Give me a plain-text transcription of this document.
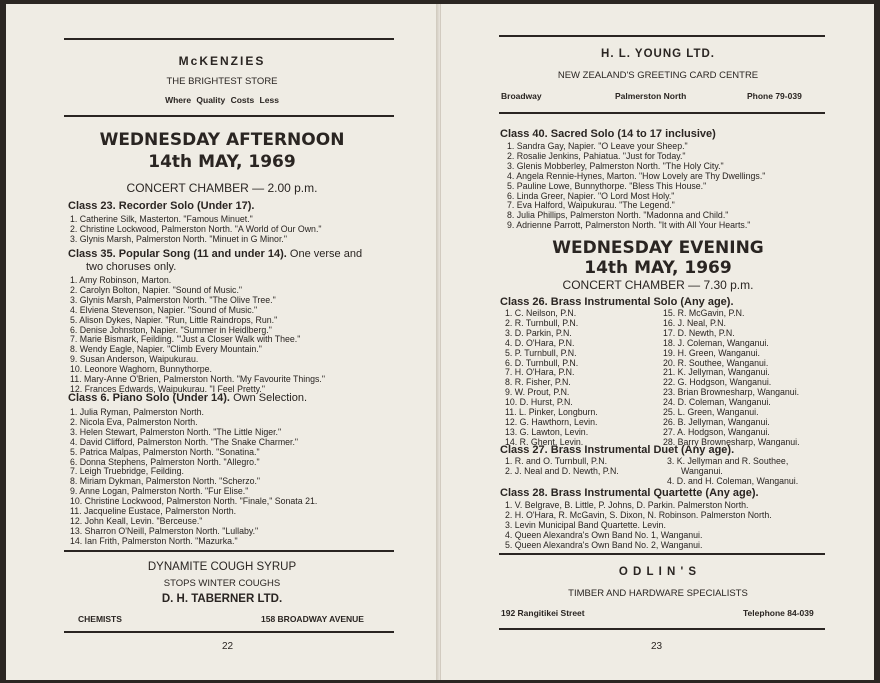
McKENZIES
THE BRIGHTEST STORE
Where Quality Costs Less
WEDNESDAY AFTERNOON
14th MAY, 1969
CONCERT CHAMBER — 2.00 p.m.
Class 23. Recorder Solo (Under 17).
1. Catherine Silk, Masterton. "Famous Minuet."
2. Christine Lockwood, Palmerston North. "A World of Our Own."
3. Glynis Marsh, Palmerston North. "Minuet in G Minor."
Class 35. Popular Song (11 and under 14). One verse and
two choruses only.
1. Amy Robinson, Marton.
2. Carolyn Bolton, Napier. "Sound of Music."
3. Glynis Marsh, Palmerston North. "The Olive Tree."
4. Elviena Stevenson, Napier. "Sound of Music."
5. Alison Dykes, Napier. "Run, Little Raindrops, Run."
6. Denise Johnston, Napier. "Summer in Heidlberg."
7. Marie Bismark, Feilding. "'Just a Closer Walk with Thee."
8. Wendy Eagle, Napier. "Climb Every Mountain."
9. Susan Anderson, Waipukurau.
10. Leonore Waghorn, Bunnythorpe.
11. Mary-Anne O'Brien, Palmerston North. "My Favourite Things."
12. Frances Edwards, Waipukurau. "I Feel Pretty."
Class 6. Piano Solo (Under 14). Own Selection.
1. Julia Ryman, Palmerston North.
2. Nicola Eva, Palmerston North.
3. Helen Stewart, Palmerston North. "The Little Niger."
4. David Clifford, Palmerston North. "The Snake Charmer."
5. Patrica Malpas, Palmerston North. "Sonatina."
6. Donna Stephens, Palmerston North. "Allegro."
7. Leigh Truebridge, Feilding.
8. Miriam Dykman, Palmerston North. "Scherzo."
9. Anne Logan, Palmerston North. "Fur Elise."
10. Christine Lockwood, Palmerston North. "Finale," Sonata 21.
11. Jacqueline Eustace, Palmerston North.
12. John Keall, Levin. "Berceuse."
13. Sharron O'Neill, Palmerston North. "Lullaby."
14. Ian Frith, Palmerston North. "Mazurka."
DYNAMITE COUGH SYRUP
STOPS WINTER COUGHS
D. H. TABERNER LTD.
CHEMISTS	158 BROADWAY AVENUE
22
H. L. YOUNG LTD.
NEW ZEALAND'S GREETING CARD CENTRE
Broadway	Palmerston North	Phone 79-039
Class 40. Sacred Solo (14 to 17 inclusive)
1. Sandra Gay, Napier. "O Leave your Sheep."
2. Rosalie Jenkins, Pahiatua. "Just for Today."
3. Glenis Mobberley, Palmerston North. "The Holy City."
4. Angela Rennie-Hynes, Marton. "How Lovely are Thy Dwellings."
5. Pauline Lowe, Bunnythorpe. "Bless This House."
6. Linda Greer, Napier. "O Lord Most Holy."
7. Eva Halford, Waipukurau. "The Legend."
8. Julia Phillips, Palmerston North. "Madonna and Child."
9. Adrienne Parrott, Palmerston North. "It with All Your Hearts."
WEDNESDAY EVENING
14th MAY, 1969
CONCERT CHAMBER — 7.30 p.m.
Class 26. Brass Instrumental Solo (Any age).
1. C. Neilson, P.N.
2. R. Turnbull, P.N.
3. D. Parkin, P.N.
4. D. O'Hara, P.N.
5. P. Turnbull, P.N.
6. D. Turnbull, P.N.
7. H. O'Hara, P.N.
8. R. Fisher, P.N.
9. W. Prout, P.N.
10. D. Hurst, P.N.
11. L. Pinker, Longburn.
12. G. Hawthorn, Levin.
13. G. Lawton, Levin.
14. R. Ghent, Levin.
15. R. McGavin, P.N.
16. J. Neal, P.N.
17. D. Newth, P.N.
18. J. Coleman, Wanganui.
19. H. Green, Wanganui.
20. R. Southee, Wanganui.
21. K. Jellyman, Wanganui.
22. G. Hodgson, Wanganui.
23. Brian Brownesharp, Wanganui.
24. D. Coleman, Wanganui.
25. L. Green, Wanganui.
26. B. Jellyman, Wanganui.
27. A. Hodgson, Wanganui.
28. Barry Brownesharp, Wanganui.
Class 27. Brass Instrumental Duet (Any age).
1. R. and O. Turnbull, P.N.
2. J. Neal and D. Newth, P.N.
3. K. Jellyman and R. Southee,
Wanganui.
4. D. and H. Coleman, Wanganui.
Class 28. Brass Instrumental Quartette (Any age).
1. V. Belgrave, B. Little, P. Johns, D. Parkin. Palmerston North.
2. H. O'Hara, R. McGavin, S. Dixon, N. Robinson. Palmerston North.
3. Levin Municipal Band Quartette. Levin.
4. Queen Alexandra's Own Band No. 1, Wanganui.
5. Queen Alexandra's Own Band No. 2, Wanganui.
O D L I N ' S
TIMBER AND HARDWARE SPECIALISTS
192 Rangitikei Street	Telephone 84-039
23
